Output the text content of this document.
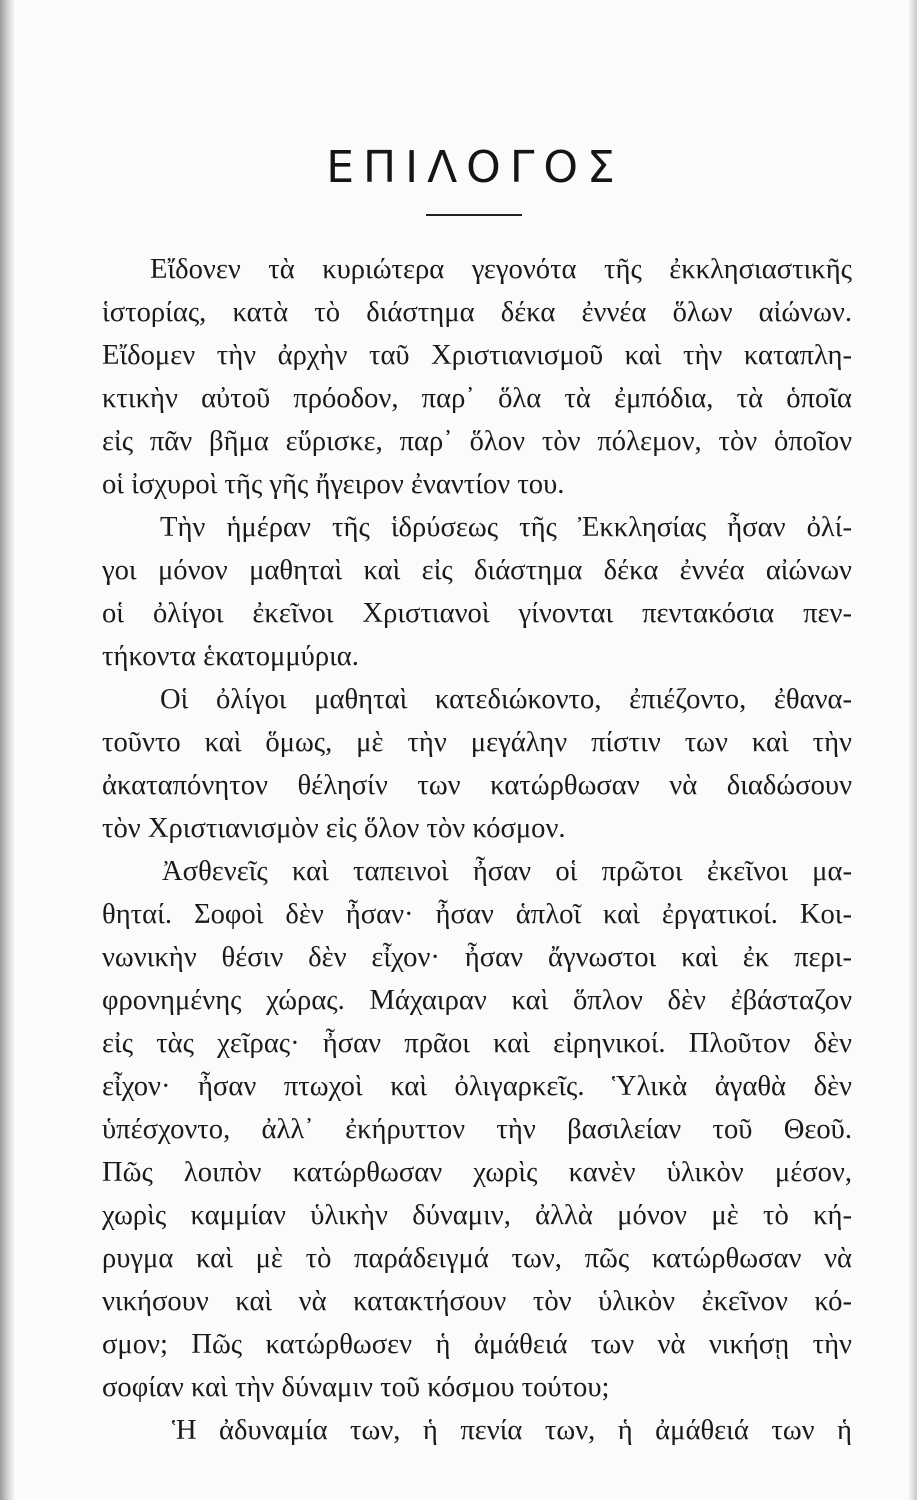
ΕΠΙΛΟΓΟΣ
Εἴδονεν τὰ κυριώτερα γεγονότα τῆς ἐκκλησιαστικῆς
ἱστορίας, κατὰ τὸ διάστημα δέκα ἐννέα ὅλων αἰώνων.
Εἴδομεν τὴν ἀρχὴν ταῦ Χριστιανισμοῦ καὶ τὴν καταπλη-
κτικὴν αὐτοῦ πρόοδον, παρ᾽ ὅλα τὰ ἐμπόδια, τὰ ὁποῖα
εἰς πᾶν βῆμα εὕρισκε, παρ᾽ ὅλον τὸν πόλεμον, τὸν ὁποῖον
οἱ ἰσχυροὶ τῆς γῆς ἤγειρον ἐναντίον του.
Τὴν ἡμέραν τῆς ἱδρύσεως τῆς Ἐκκλησίας ἦσαν ὀλί-
γοι μόνον μαθηταὶ καὶ εἰς διάστημα δέκα ἐννέα αἰώνων
οἱ ὀλίγοι ἐκεῖνοι Χριστιανοὶ γίνονται πεντακόσια πεν-
τήκοντα ἑκατομμύρια.
Οἱ ὀλίγοι μαθηταὶ κατεδιώκοντο, ἐπιέζοντο, ἐθανα-
τοῦντο καὶ ὅμως, μὲ τὴν μεγάλην πίστιν των καὶ τὴν
ἀκαταπόνητον θέλησίν των κατώρθωσαν νὰ διαδώσουν
τὸν Χριστιανισμὸν εἰς ὅλον τὸν κόσμον.
Ἀσθενεῖς καὶ ταπεινοὶ ἦσαν οἱ πρῶτοι ἐκεῖνοι μα-
θηταί. Σοφοὶ δὲν ἦσαν· ἦσαν ἁπλοῖ καὶ ἐργατικοί. Κοι-
νωνικὴν θέσιν δὲν εἶχον· ἦσαν ἄγνωστοι καὶ ἐκ περι-
φρονημένης χώρας. Μάχαιραν καὶ ὅπλον δὲν ἐβάσταζον
εἰς τὰς χεῖρας· ἦσαν πρᾶοι καὶ εἰρηνικοί. Πλοῦτον δὲν
εἶχον· ἦσαν πτωχοὶ καὶ ὀλιγαρκεῖς. Ὑλικὰ ἀγαθὰ δὲν
ὑπέσχοντο, ἀλλ᾽ ἐκήρυττον τὴν βασιλείαν τοῦ Θεοῦ.
Πῶς λοιπὸν κατώρθωσαν χωρὶς κανὲν ὑλικὸν μέσον,
χωρὶς καμμίαν ὑλικὴν δύναμιν, ἀλλὰ μόνον μὲ τὸ κή-
ρυγμα καὶ μὲ τὸ παράδειγμά των, πῶς κατώρθωσαν νὰ
νικήσουν καὶ νὰ κατακτήσουν τὸν ὑλικὸν ἐκεῖνον κό-
σμον; Πῶς κατώρθωσεν ἡ ἀμάθειά των νὰ νικήσῃ τὴν
σοφίαν καὶ τὴν δύναμιν τοῦ κόσμου τούτου;
Ἡ ἀδυναμία των, ἡ πενία των, ἡ ἀμάθειά των ἡ
